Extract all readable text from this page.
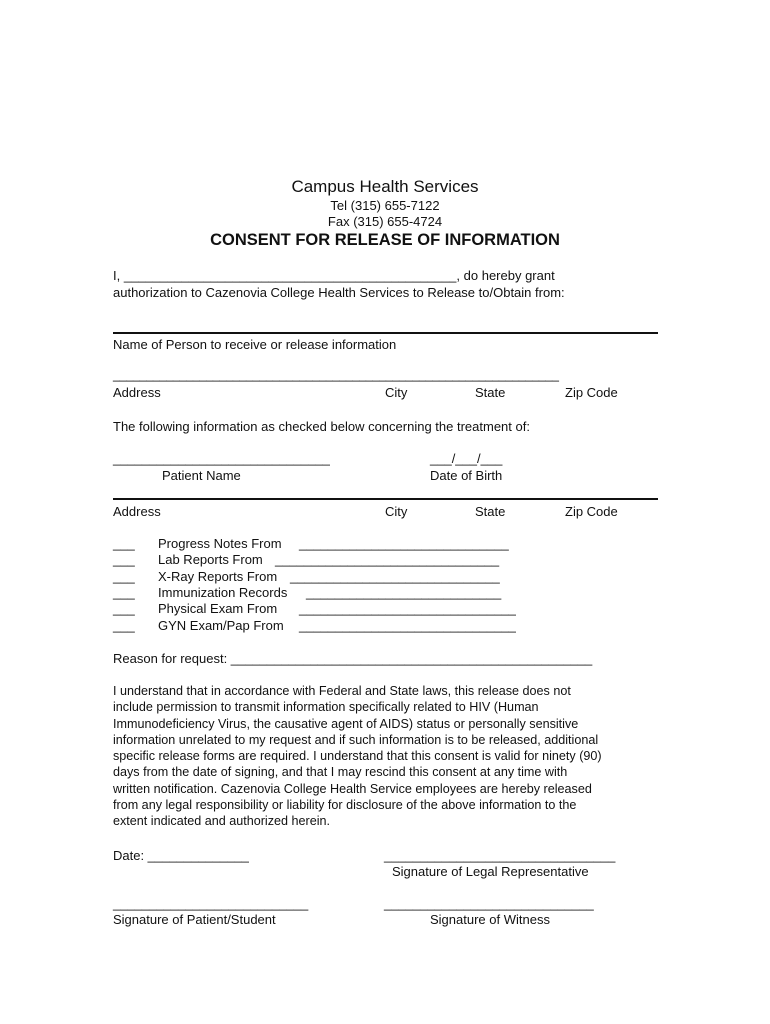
Campus Health Services
Tel (315) 655-7122
Fax (315) 655-4724
CONSENT FOR RELEASE OF INFORMATION
I, ______________________________________________, do hereby grant
authorization to Cazenovia College Health Services to Release to/Obtain from:
Name of Person to receive or release information
___________________________________________________________________
Address	City	State	Zip Code
The following information as checked below concerning the treatment of:
______________________________	___/___/___
Patient Name	Date of Birth
Address	City	State	Zip Code
___ Progress Notes From _____________________________
___ Lab Reports From _______________________________
___ X-Ray Reports From _____________________________
___ Immunization Records ___________________________
___ Physical Exam From ______________________________
___ GYN Exam/Pap From ______________________________
Reason for request: __________________________________________________

I understand that in accordance with Federal and State laws, this release does not

include permission to transmit information specifically related to HIV (Human

Immunodeficiency Virus, the causative agent of AIDS) status or personally sensitive

information unrelated to my request and if such information is to be released, additional

specific release forms are required. I understand that this consent is valid for ninety (90)

days from the date of signing, and that I may rescind this consent at any time with

written notification. Cazenovia College Health Service employees are hereby released

from any legal responsibility or liability for disclosure of the above information to the

extent indicated and authorized herein.

Date: ______________	________________________________
Signature of Legal Representative
___________________________	_____________________________
Signature of Patient/Student	Signature of Witness
